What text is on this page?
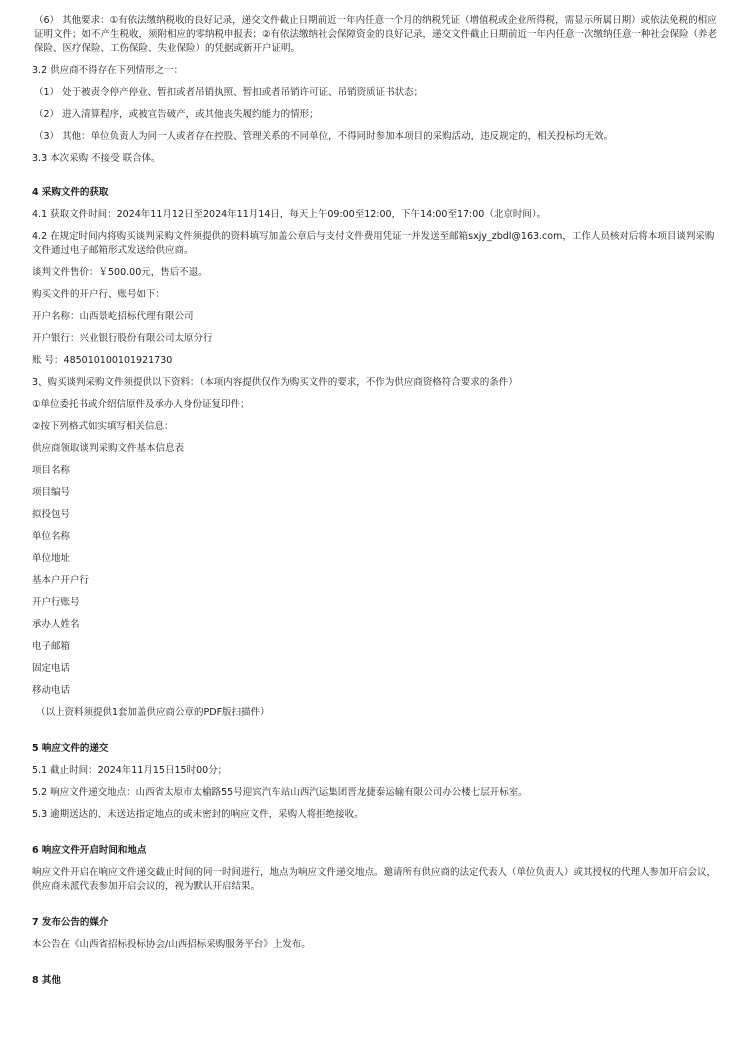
（6） 其他要求：①有依法缴纳税收的良好记录，递交文件截止日期前近一年内任意一个月的纳税凭证（增值税或企业所得税，需显示所属日期）或依法免税的相应证明文件；如不产生税收，须附相应的零纳税申报表；②有依法缴纳社会保障资金的良好记录，递交文件截止日期前近一年内任意一次缴纳任意一种社会保险（养老保险、医疗保险、工伤保险、失业保险）的凭据或新开户证明。

3.2 供应商不得存在下列情形之一：

（1） 处于被责令停产停业、暂扣或者吊销执照、暂扣或者吊销许可证、吊销资质证书状态；

（2） 进入清算程序，或被宣告破产，或其他丧失履约能力的情形；

（3） 其他：单位负责人为同一人或者存在控股、管理关系的不同单位，不得同时参加本项目的采购活动，违反规定的，相关投标均无效。

3.3 本次采购 不接受 联合体。

4 采购文件的获取

4.1 获取文件时间：2024年11月12日至2024年11月14日，每天上午09:00至12:00，下午14:00至17:00（北京时间）。

4.2 在规定时间内将购买谈判采购文件须提供的资料填写加盖公章后与支付文件费用凭证一并发送至邮箱sxjy_zbdl@163.com，工作人员核对后将本项目谈判采购文件通过电子邮箱形式发送给供应商。

谈判文件售价：￥500.00元，售后不退。

购买文件的开户行、账号如下：

开户名称：山西景屹招标代理有限公司

开户银行：兴业银行股份有限公司太原分行

账 号：485010100101921730

3、购买谈判采购文件须提供以下资料：（本项内容提供仅作为购买文件的要求，不作为供应商资格符合要求的条件）

①单位委托书或介绍信原件及承办人身份证复印件；

②按下列格式如实填写相关信息：

供应商领取谈判采购文件基本信息表

项目名称

项目编号

拟投包号

单位名称

单位地址

基本户开户行

开户行账号

承办人姓名

电子邮箱

固定电话

移动电话

（以上资料须提供1套加盖供应商公章的PDF版扫描件）

5 响应文件的递交

5.1 截止时间：2024年11月15日15时00分；

5.2 响应文件递交地点：山西省太原市太榆路55号迎宾汽车站山西汽运集团晋龙捷泰运输有限公司办公楼七层开标室。

5.3 逾期送达的、未送达指定地点的或未密封的响应文件，采购人将拒绝接收。

6 响应文件开启时间和地点

响应文件开启在响应文件递交截止时间的同一时间进行，地点为响应文件递交地点。邀请所有供应商的法定代表人（单位负责人）或其授权的代理人参加开启会议，供应商未派代表参加开启会议的，视为默认开启结果。

7 发布公告的媒介

本公告在《山西省招标投标协会/山西招标采购服务平台》上发布。

8 其他
